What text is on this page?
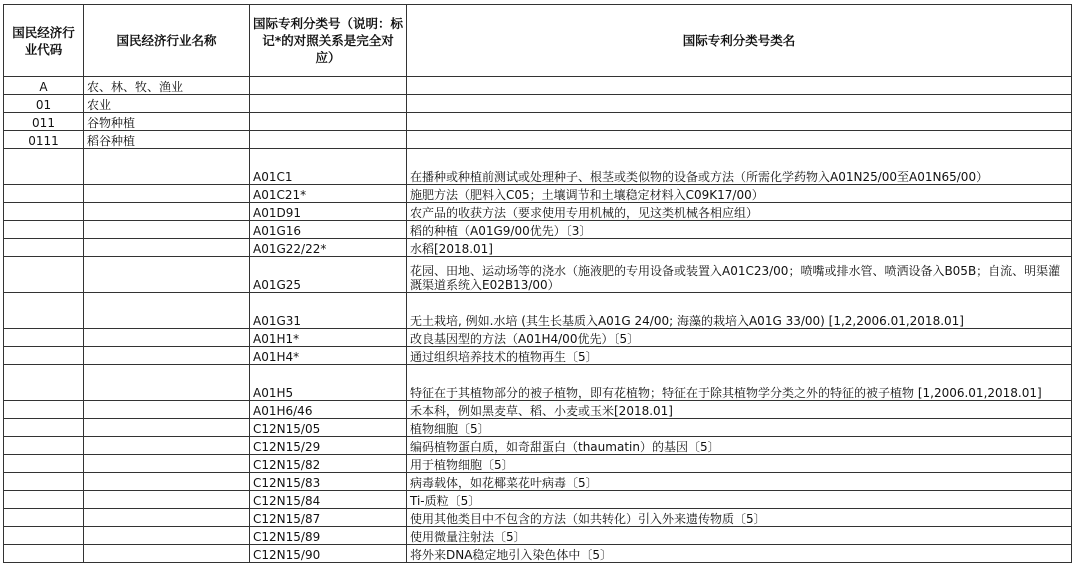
国民经济行业代码	国民经济行业名称	国际专利分类号（说明：标记*的对照关系是完全对应）	国际专利分类号类名
A	农、林、牧、渔业		
01	农业		
011	谷物种植		
0111	稻谷种植		
		A01C1	在播种或种植前测试或处理种子、根茎或类似物的设备或方法（所需化学药物入A01N25/00至A01N65/00）
		A01C21*	施肥方法（肥料入C05；土壤调节和土壤稳定材料入C09K17/00）
		A01D91	农产品的收获方法（要求使用专用机械的，见这类机械各相应组）
		A01G16	稻的种植（A01G9/00优先）〔3〕
		A01G22/22*	水稻[2018.01]
		A01G25	花园、田地、运动场等的浇水（施液肥的专用设备或装置入A01C23/00；喷嘴或排水管、喷洒设备入B05B；自流、明渠灌溉渠道系统入E02B13/00）
		A01G31	无土栽培, 例如.水培 (其生长基质入A01G 24/00; 海藻的栽培入A01G 33/00) [1,2,2006.01,2018.01]
		A01H1*	改良基因型的方法（A01H4/00优先）〔5〕
		A01H4*	通过组织培养技术的植物再生〔5〕
		A01H5	特征在于其植物部分的被子植物，即有花植物；特征在于除其植物学分类之外的特征的被子植物 [1,2006.01,2018.01]
		A01H6/46	禾本科，例如黑麦草、稻、小麦或玉米[2018.01]
		C12N15/05	植物细胞〔5〕
		C12N15/29	编码植物蛋白质，如奇甜蛋白（thaumatin）的基因〔5〕
		C12N15/82	用于植物细胞〔5〕
		C12N15/83	病毒载体，如花椰菜花叶病毒〔5〕
		C12N15/84	Ti-质粒〔5〕
		C12N15/87	使用其他类目中不包含的方法（如共转化）引入外来遗传物质〔5〕
		C12N15/89	使用微量注射法〔5〕
		C12N15/90	将外来DNA稳定地引入染色体中〔5〕
